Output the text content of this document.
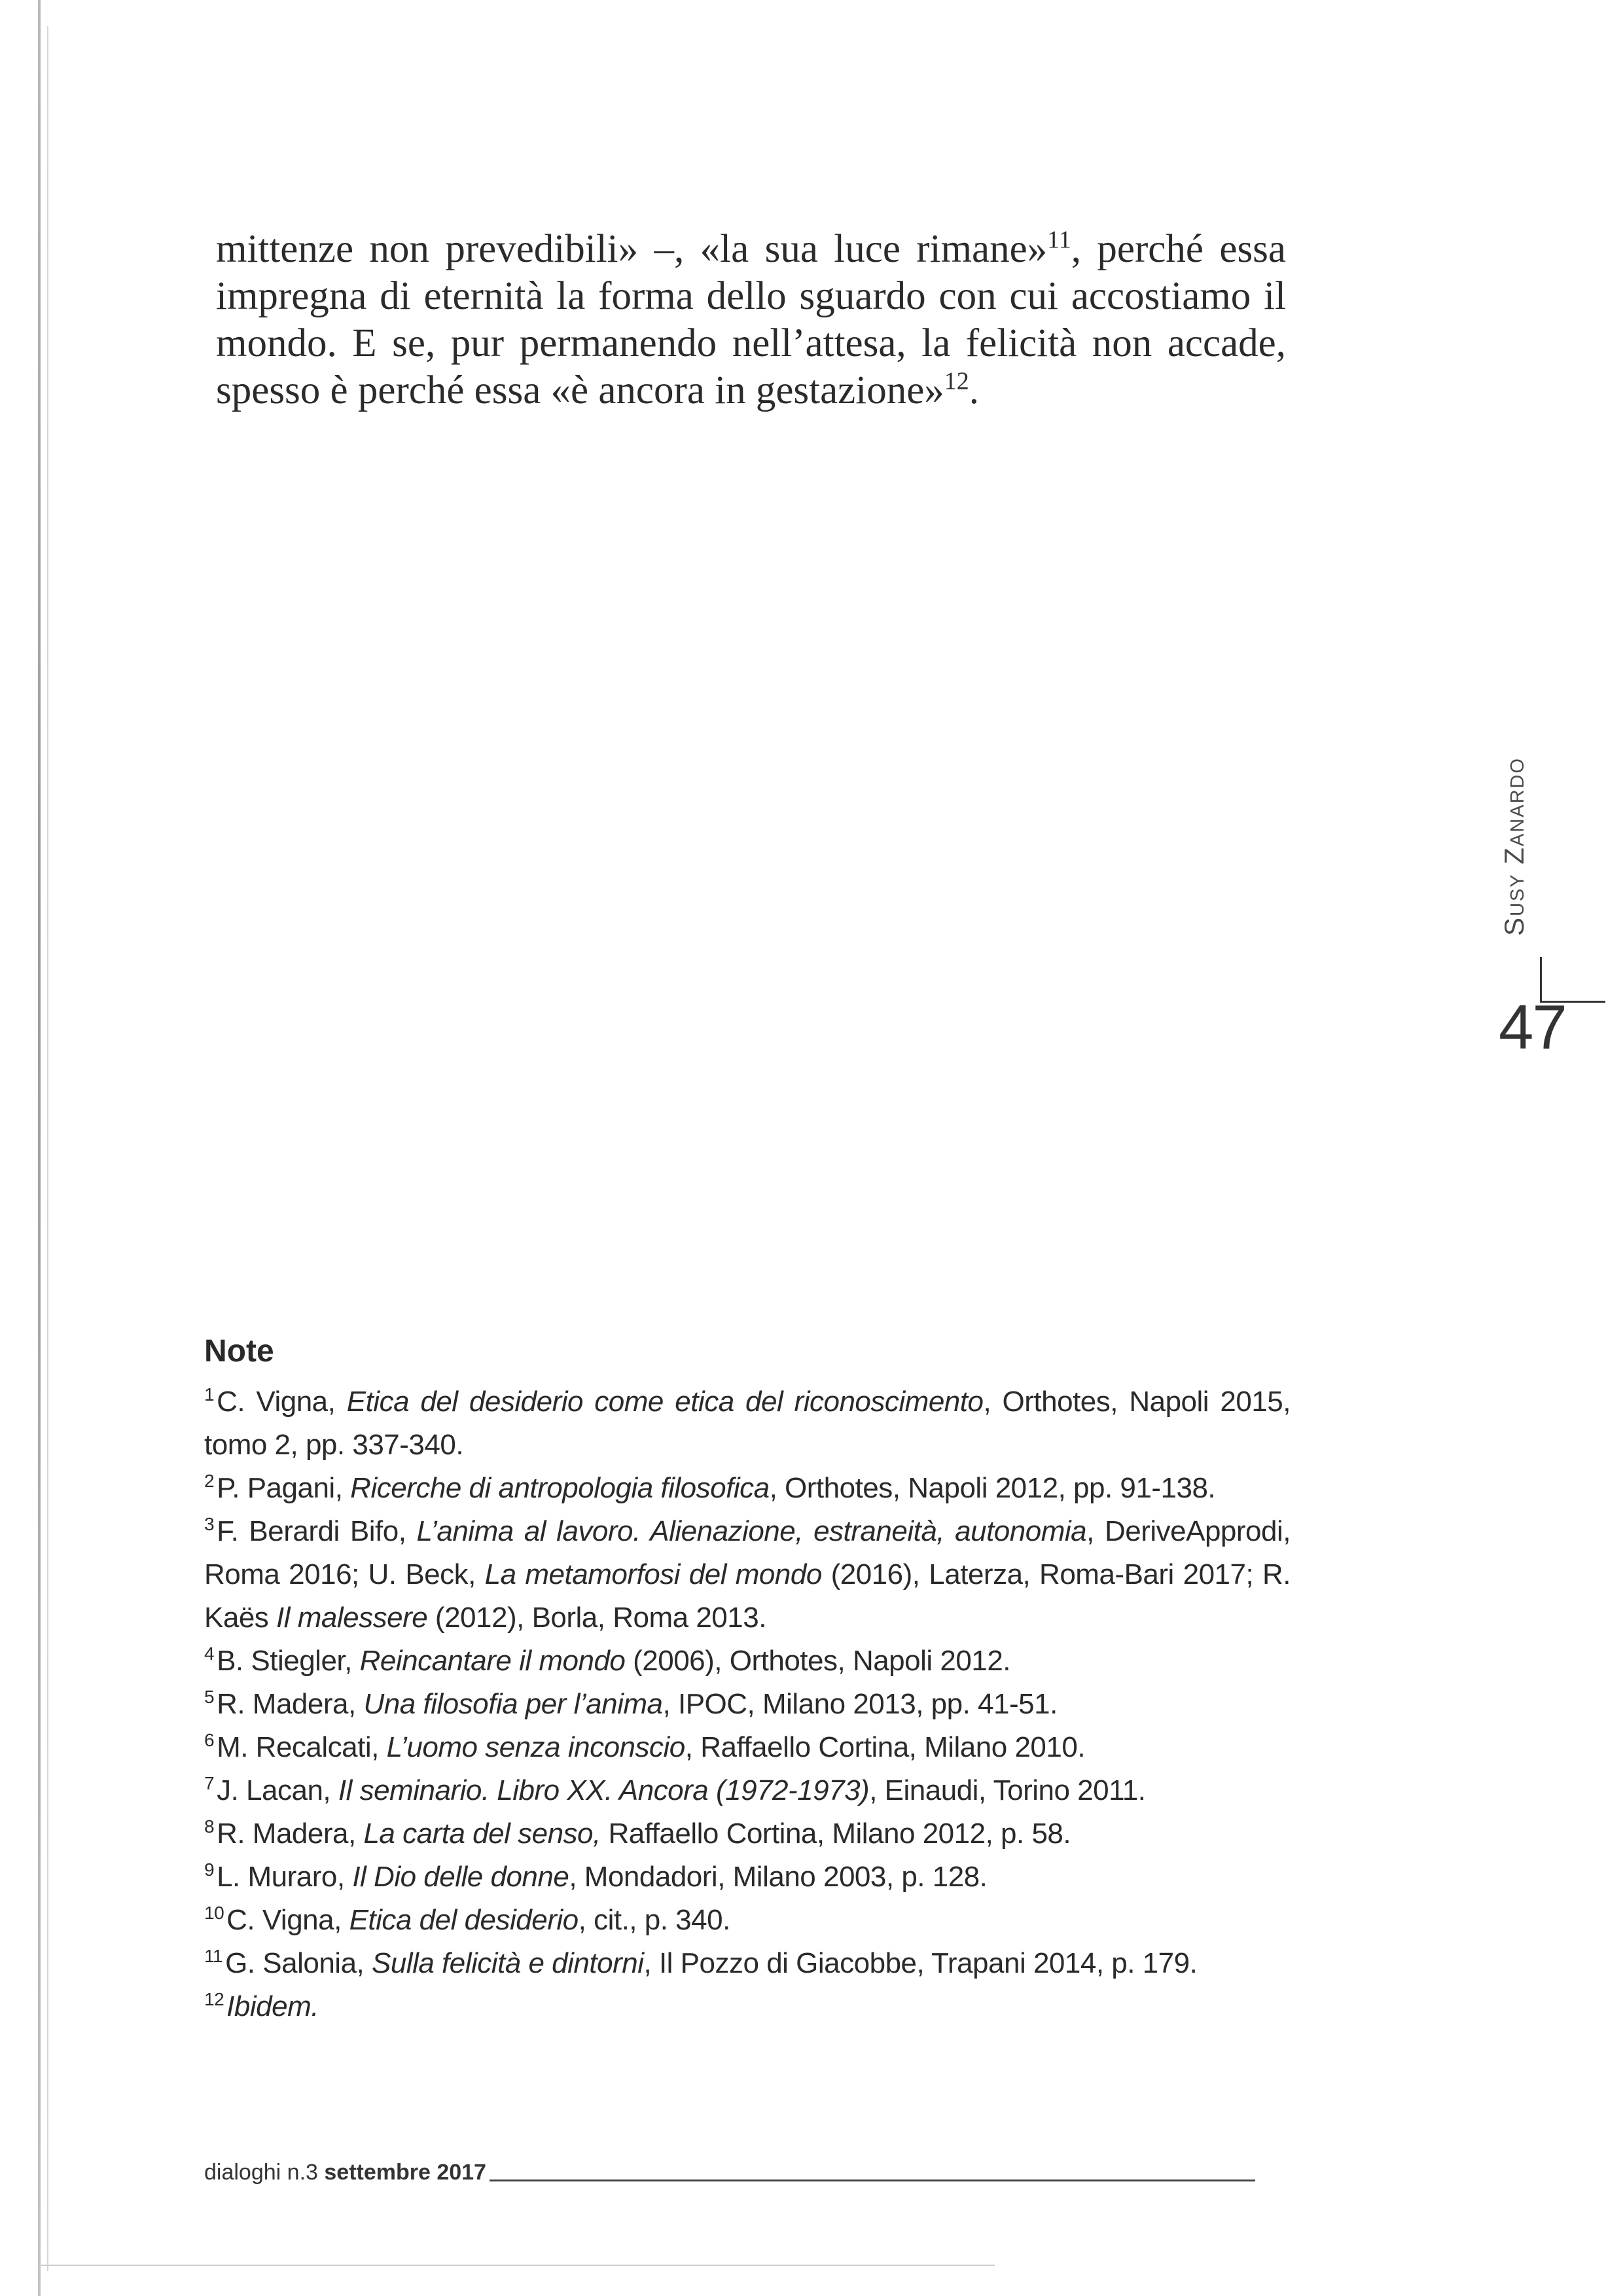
mittenze non prevedibili» –, «la sua luce rimane»$^{11}$, perché essa impregna di eternità la forma dello sguardo con cui accostiamo il mondo. E se, pur permanendo nell’attesa, la felicità non accade, spesso è perché essa «è ancora in gestazione»$^{12}$.

Susy Zanardo
47

Note

$^1$C. Vigna, Etica del desiderio come etica del riconoscimento, Orthotes, Napoli 2015, tomo 2, pp. 337-340.

$^2$P. Pagani, Ricerche di antropologia filosofica, Orthotes, Napoli 2012, pp. 91-138.

$^3$F. Berardi Bifo, L’anima al lavoro. Alienazione, estraneità, autonomia, DeriveApprodi, Roma 2016; U. Beck, La metamorfosi del mondo (2016), Laterza, Roma-Bari 2017; R. Kaës Il malessere (2012), Borla, Roma 2013.

$^4$B. Stiegler, Reincantare il mondo (2006), Orthotes, Napoli 2012.

$^5$R. Madera, Una filosofia per l’anima, IPOC, Milano 2013, pp. 41-51.

$^6$M. Recalcati, L’uomo senza inconscio, Raffaello Cortina, Milano 2010.

$^7$J. Lacan, Il seminario. Libro XX. Ancora (1972-1973), Einaudi, Torino 2011.

$^8$R. Madera, La carta del senso, Raffaello Cortina, Milano 2012, p. 58.

$^9$L. Muraro, Il Dio delle donne, Mondadori, Milano 2003, p. 128.

$^{10}$C. Vigna, Etica del desiderio, cit., p. 340.

$^{11}$G. Salonia, Sulla felicità e dintorni, Il Pozzo di Giacobbe, Trapani 2014, p. 179.

$^{12}$Ibidem.

dialoghi n.3 settembre 2017
